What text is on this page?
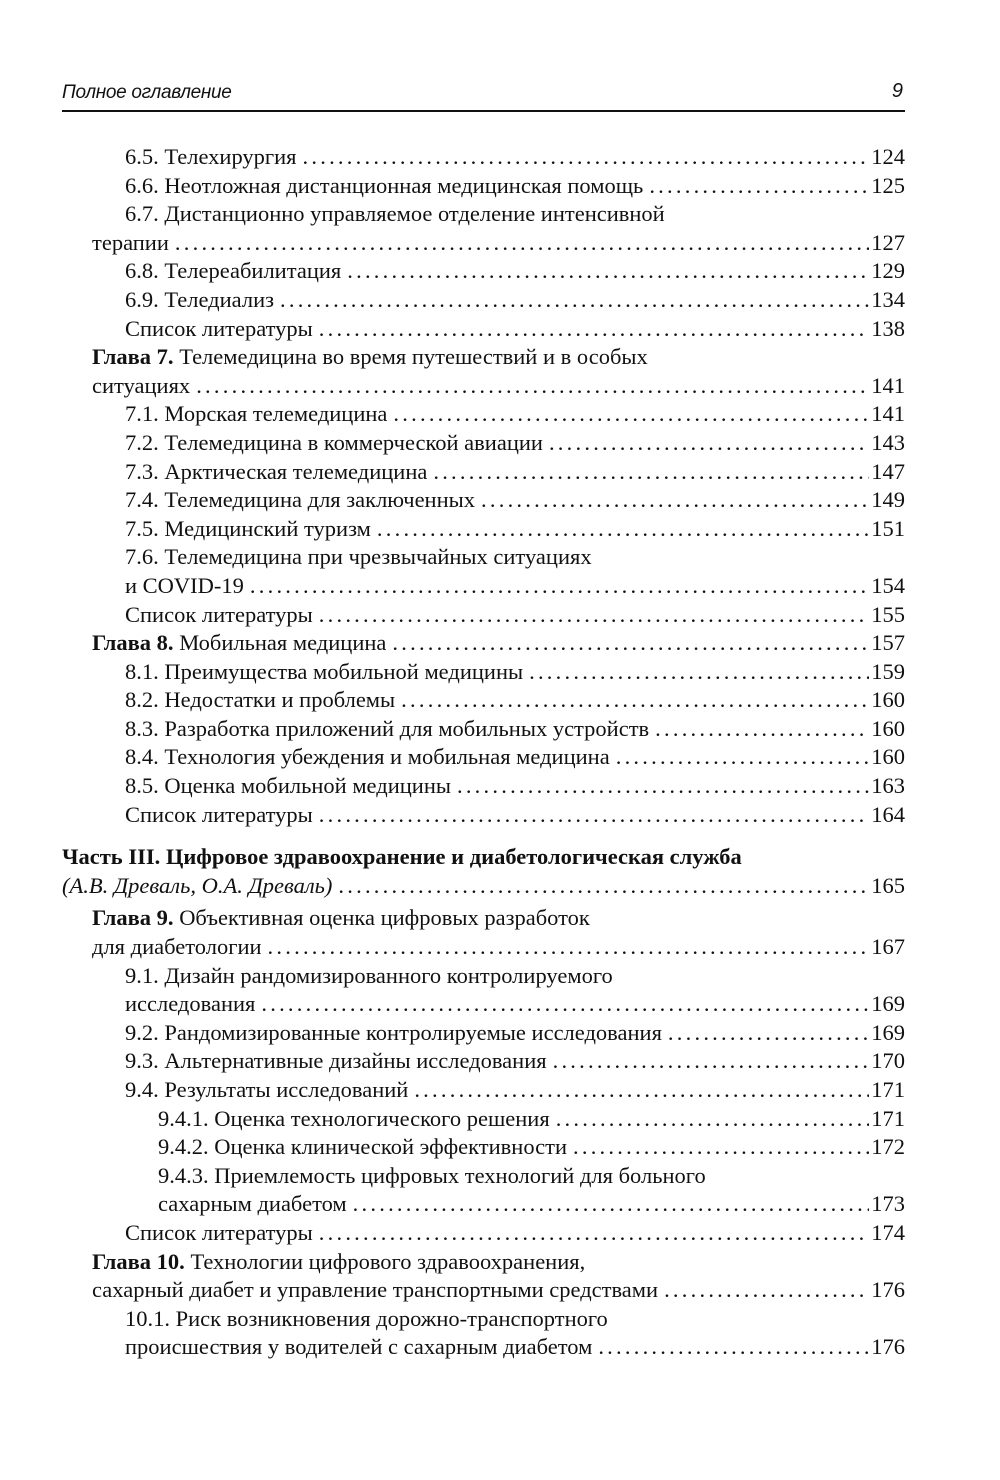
Полное оглавление	9
6.5. Телехирургия . . .	124
6.6. Неотложная дистанционная медицинская помощь . . .	125
6.7. Дистанционно управляемое отделение интенсивной
терапии . . .	127
6.8. Телереабилитация . . .	129
6.9. Теледиализ . . .	134
Список литературы . . .	138
Глава 7. Телемедицина во время путешествий и в особых
ситуациях . . .	141
7.1. Морская телемедицина . . .	141
7.2. Телемедицина в коммерческой авиации . . .	143
7.3. Арктическая телемедицина . . .	147
7.4. Телемедицина для заключенных . . .	149
7.5. Медицинский туризм . . .	151
7.6. Телемедицина при чрезвычайных ситуациях
и COVID-19 . . .	154
Список литературы . . .	155
Глава 8. Мобильная медицина . . .	157
8.1. Преимущества мобильной медицины . . .	159
8.2. Недостатки и проблемы . . .	160
8.3. Разработка приложений для мобильных устройств . . .	160
8.4. Технология убеждения и мобильная медицина . . .	160
8.5. Оценка мобильной медицины . . .	163
Список литературы . . .	164
Часть III. Цифровое здравоохранение и диабетологическая служба
(А.В. Древаль, О.А. Древаль) . . .	165
Глава 9. Объективная оценка цифровых разработок
для диабетологии . . .	167
9.1. Дизайн рандомизированного контролируемого
исследования . . .	169
9.2. Рандомизированные контролируемые исследования . . .	169
9.3. Альтернативные дизайны исследования . . .	170
9.4. Результаты исследований . . .	171
9.4.1. Оценка технологического решения . . .	171
9.4.2. Оценка клинической эффективности . . .	172
9.4.3. Приемлемость цифровых технологий для больного
сахарным диабетом . . .	173
Список литературы . . .	174
Глава 10. Технологии цифрового здравоохранения,
сахарный диабет и управление транспортными средствами . . .	176
10.1. Риск возникновения дорожно-транспортного
происшествия у водителей с сахарным диабетом . . .	176
